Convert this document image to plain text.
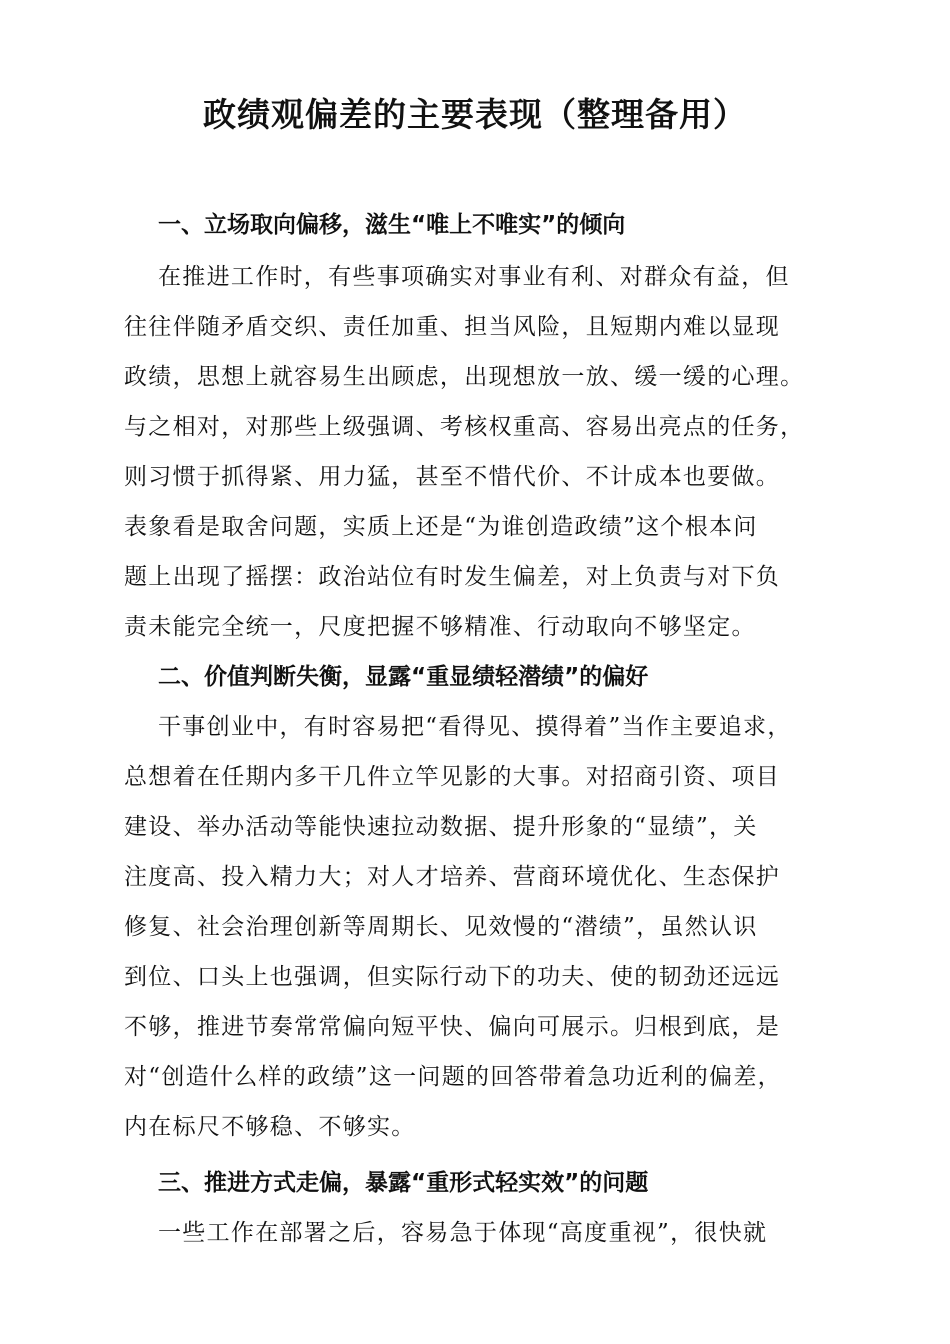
政绩观偏差的主要表现（整理备用）
一、立场取向偏移，滋生“唯上不唯实”的倾向

在推进工作时，有些事项确实对事业有利、对群众有益，但
往往伴随矛盾交织、责任加重、担当风险，且短期内难以显现
政绩，思想上就容易生出顾虑，出现想放一放、缓一缓的心理。
与之相对，对那些上级强调、考核权重高、容易出亮点的任务，
则习惯于抓得紧、用力猛，甚至不惜代价、不计成本也要做。
表象看是取舍问题，实质上还是“为谁创造政绩”这个根本问
题上出现了摇摆：政治站位有时发生偏差，对上负责与对下负
责未能完全统一，尺度把握不够精准、行动取向不够坚定。

二、价值判断失衡，显露“重显绩轻潜绩”的偏好

干事创业中，有时容易把“看得见、摸得着”当作主要追求，
总想着在任期内多干几件立竿见影的大事。对招商引资、项目
建设、举办活动等能快速拉动数据、提升形象的“显绩”，关
注度高、投入精力大；对人才培养、营商环境优化、生态保护
修复、社会治理创新等周期长、见效慢的“潜绩”，虽然认识
到位、口头上也强调，但实际行动下的功夫、使的韧劲还远远
不够，推进节奏常常偏向短平快、偏向可展示。归根到底，是
对“创造什么样的政绩”这一问题的回答带着急功近利的偏差，
内在标尺不够稳、不够实。

三、推进方式走偏，暴露“重形式轻实效”的问题

一些工作在部署之后，容易急于体现“高度重视”，很快就
